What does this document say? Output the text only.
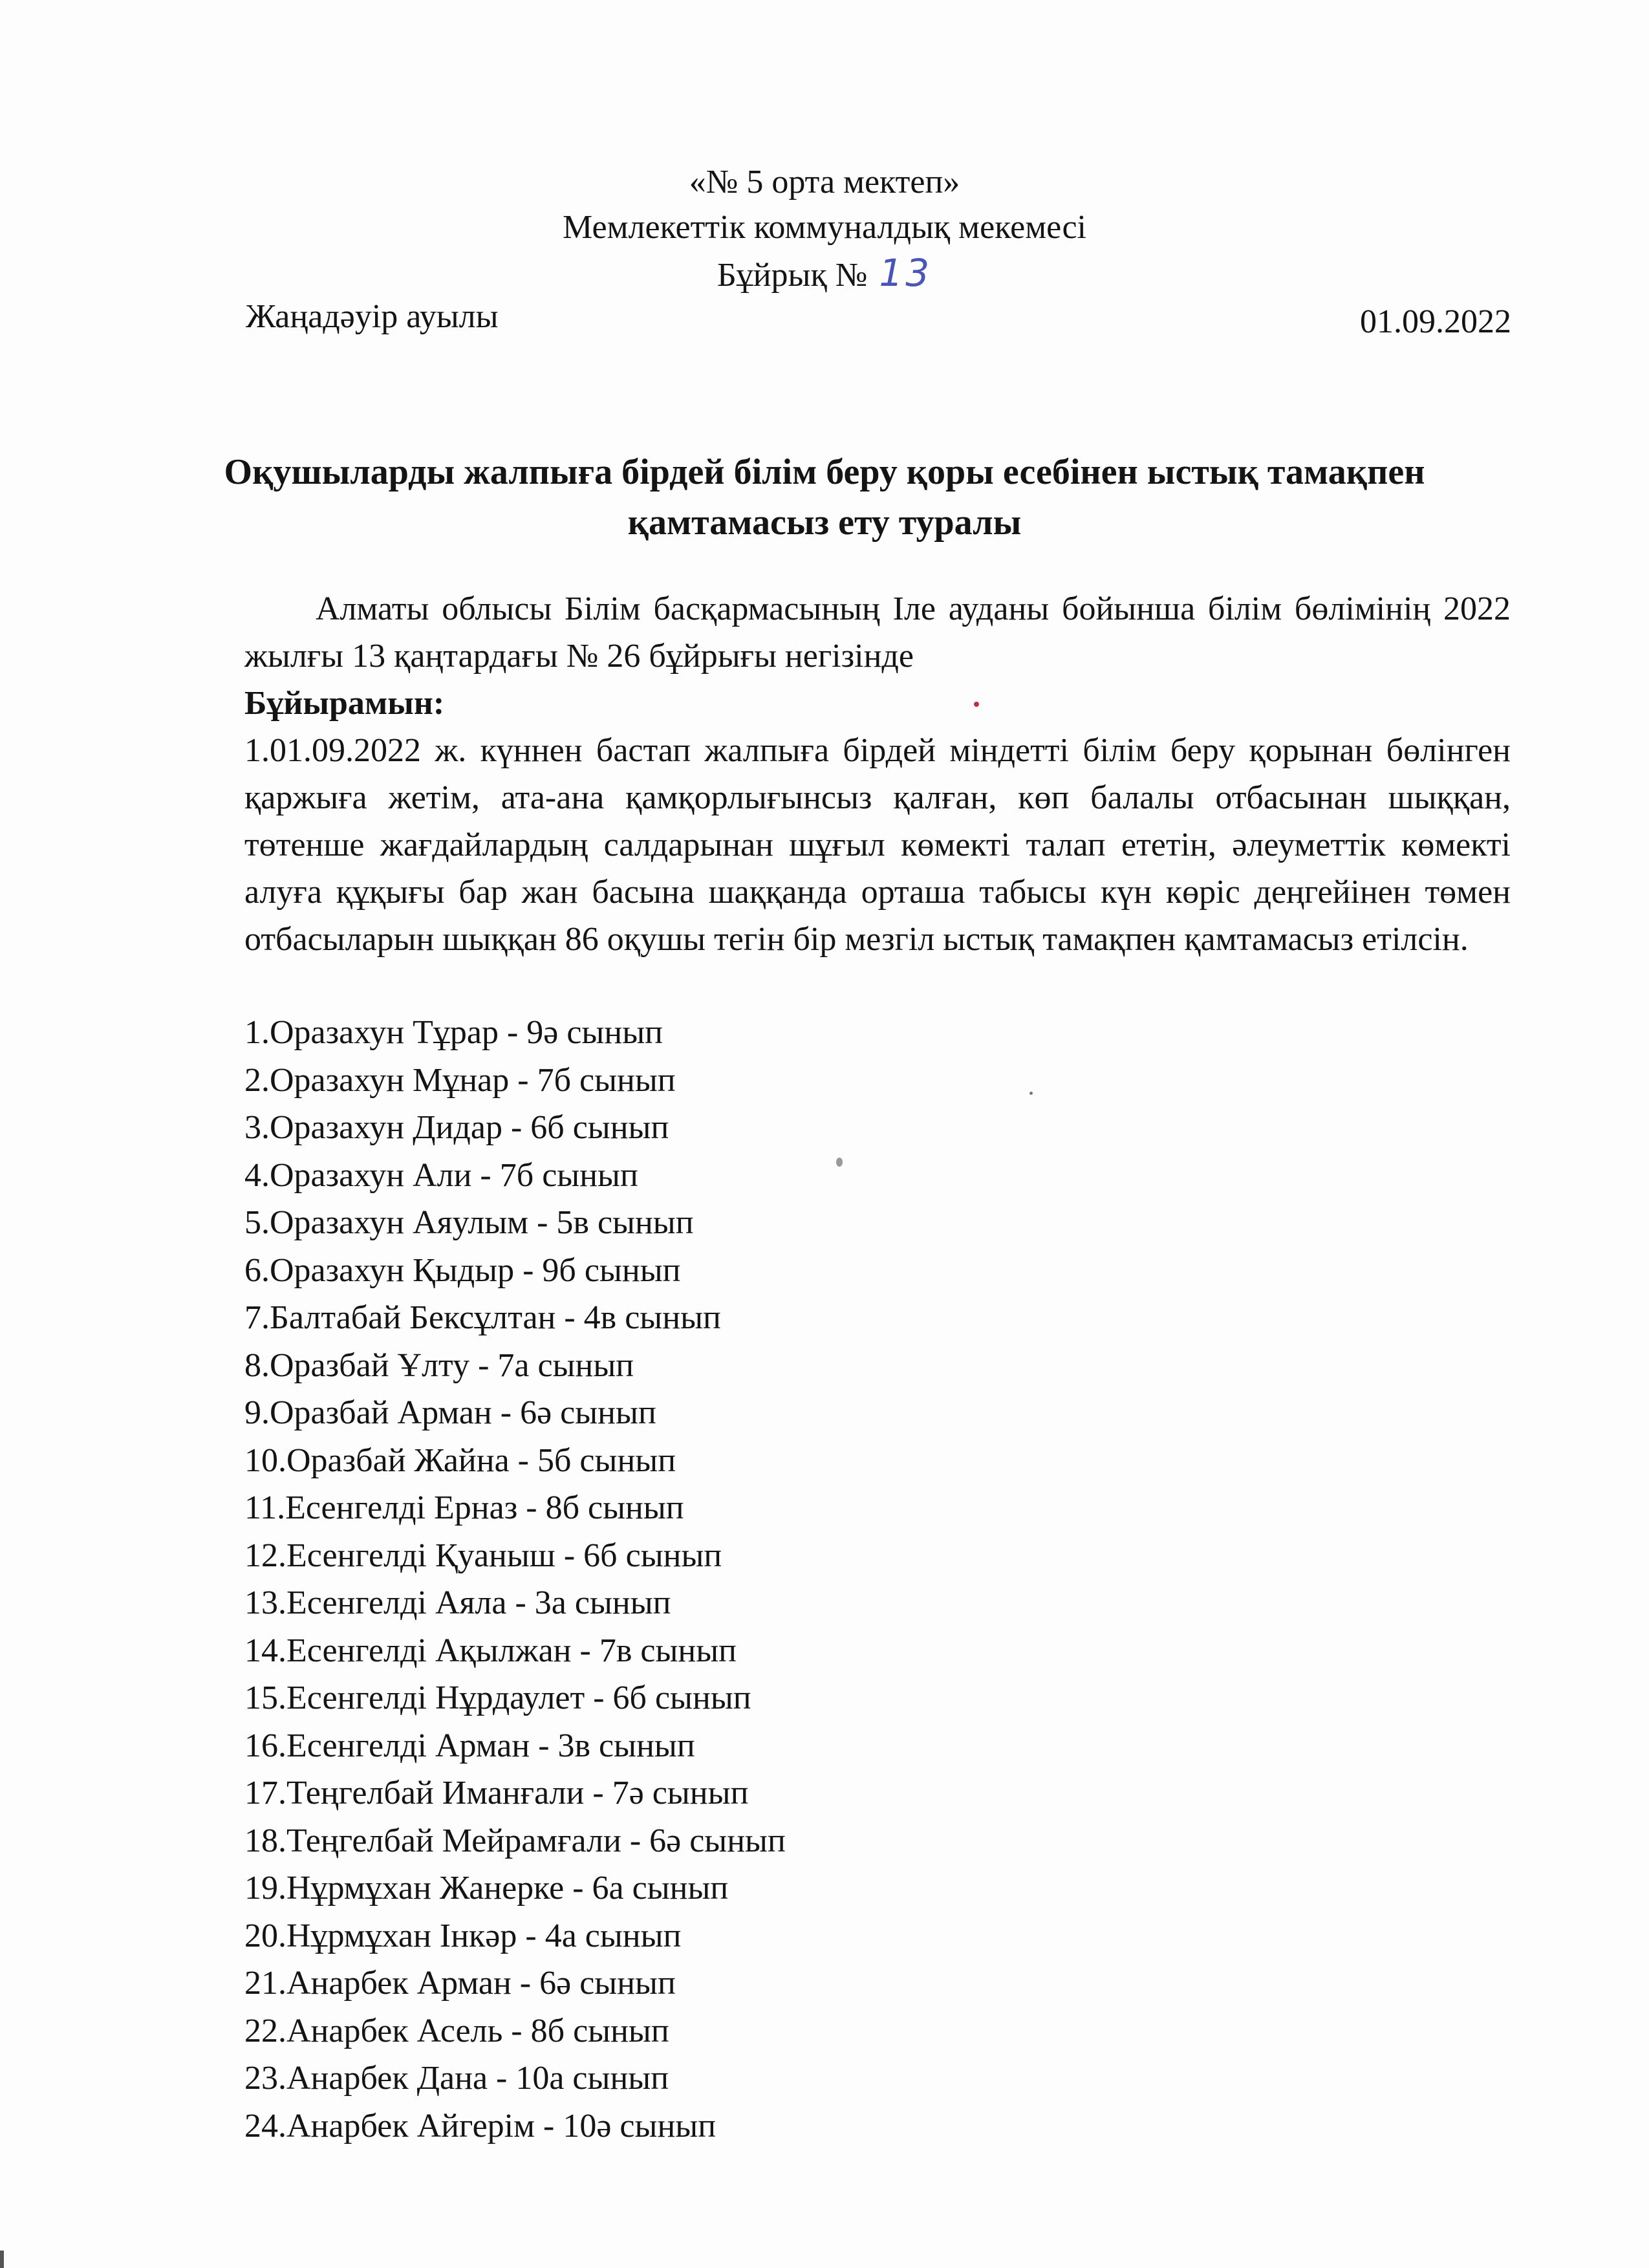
«№ 5 орта мектеп»
Мемлекеттік коммуналдық мекемесі
Бұйрық № 13
Жаңадәуір ауылы	01.09.2022
Оқушыларды жалпыға бірдей білім беру қоры есебінен ыстық тамақпен
қамтамасыз ету туралы
Алматы облысы Білім басқармасының Іле ауданы бойынша білім бөлімінің 2022 жылғы 13 қаңтардағы № 26 бұйрығы негізінде
Бұйырамын:
1.01.09.2022 ж. күннен бастап жалпыға бірдей міндетті білім беру қорынан бөлінген қаржыға жетім, ата-ана қамқорлығынсыз қалған, көп балалы отбасынан шыққан, төтенше жағдайлардың салдарынан шұғыл көмекті талап ететін, әлеуметтік көмекті алуға құқығы бар жан басына шаққанда орташа табысы күн көріс деңгейінен төмен отбасыларын шыққан 86 оқушы тегін бір мезгіл ыстық тамақпен қамтамасыз етілсін.
1.Оразахун Тұрар - 9ә сынып
2.Оразахун Мұнар - 7б сынып
3.Оразахун Дидар - 6б сынып
4.Оразахун Али - 7б сынып
5.Оразахун Аяулым - 5в сынып
6.Оразахун Қыдыр - 9б сынып
7.Балтабай Бексұлтан - 4в сынып
8.Оразбай Ұлту - 7а сынып
9.Оразбай Арман - 6ә сынып
10.Оразбай Жайна - 5б сынып
11.Есенгелді Ерназ - 8б сынып
12.Есенгелді Қуаныш - 6б сынып
13.Есенгелді Аяла - 3а сынып
14.Есенгелді Ақылжан - 7в сынып
15.Есенгелді Нұрдаулет - 6б сынып
16.Есенгелді Арман - 3в сынып
17.Теңгелбай Иманғали - 7ә сынып
18.Теңгелбай Мейрамғали - 6ә сынып
19.Нұрмұхан Жанерке - 6а сынып
20.Нұрмұхан Інкәр - 4а сынып
21.Анарбек Арман - 6ә сынып
22.Анарбек Асель - 8б сынып
23.Анарбек Дана - 10а сынып
24.Анарбек Айгерім - 10ә сынып
